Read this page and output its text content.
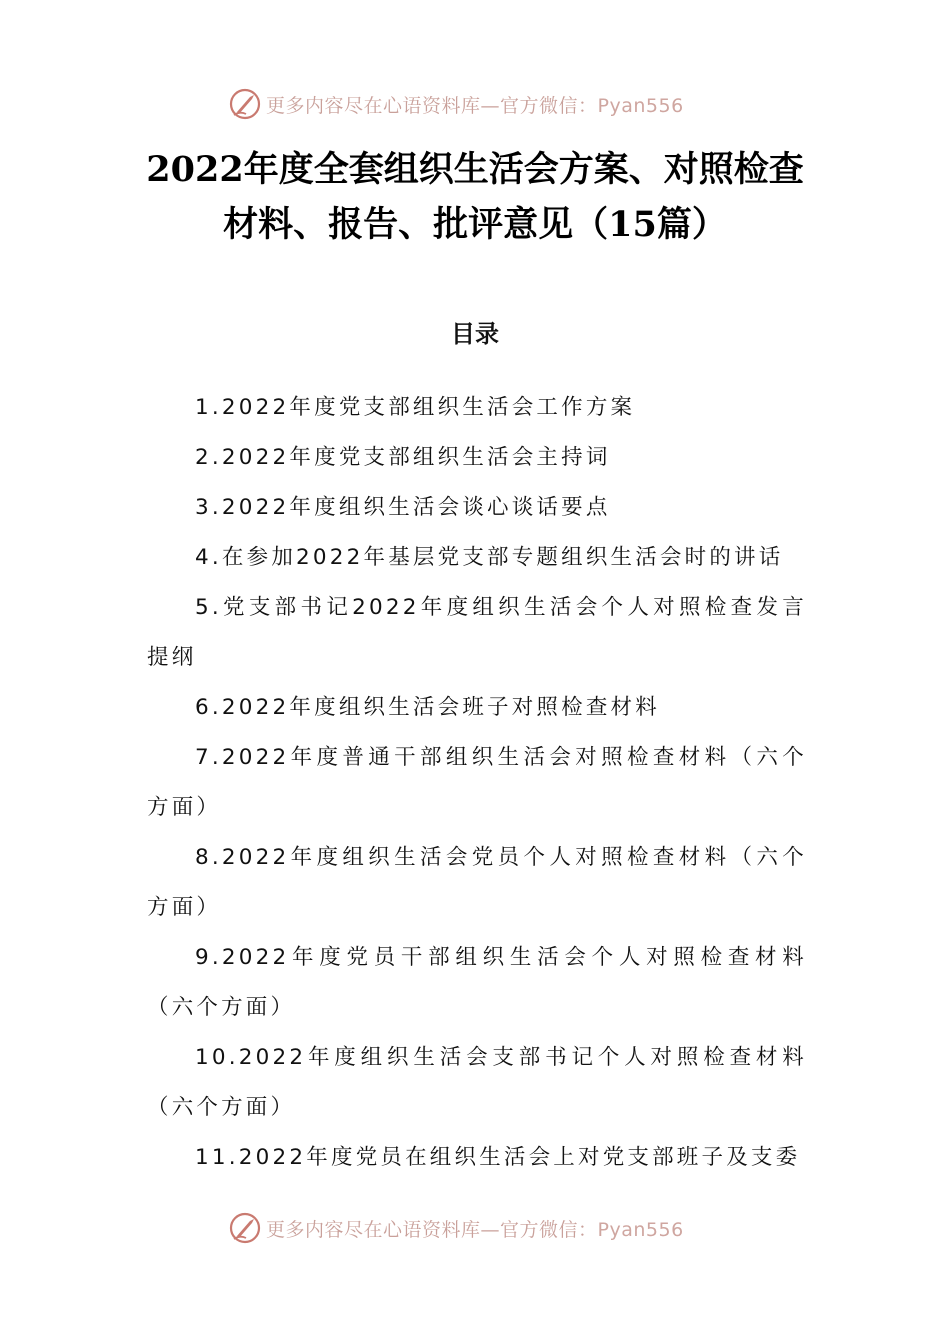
更多内容尽在心语资料库—官方微信：Pyan556
2022年度全套组织生活会方案、对照检查
材料、报告、批评意见（15篇）
目录
1.2022年度党支部组织生活会工作方案
2.2022年度党支部组织生活会主持词
3.2022年度组织生活会谈心谈话要点
4.在参加2022年基层党支部专题组织生活会时的讲话
5.党支部书记2022年度组织生活会个人对照检查发言提纲
6.2022年度组织生活会班子对照检查材料
7.2022年度普通干部组织生活会对照检查材料（六个方面）
8.2022年度组织生活会党员个人对照检查材料（六个方面）
9.2022年度党员干部组织生活会个人对照检查材料（六个方面）
10.2022年度组织生活会支部书记个人对照检查材料（六个方面）
11.2022年度党员在组织生活会上对党支部班子及支委
更多内容尽在心语资料库—官方微信：Pyan556
